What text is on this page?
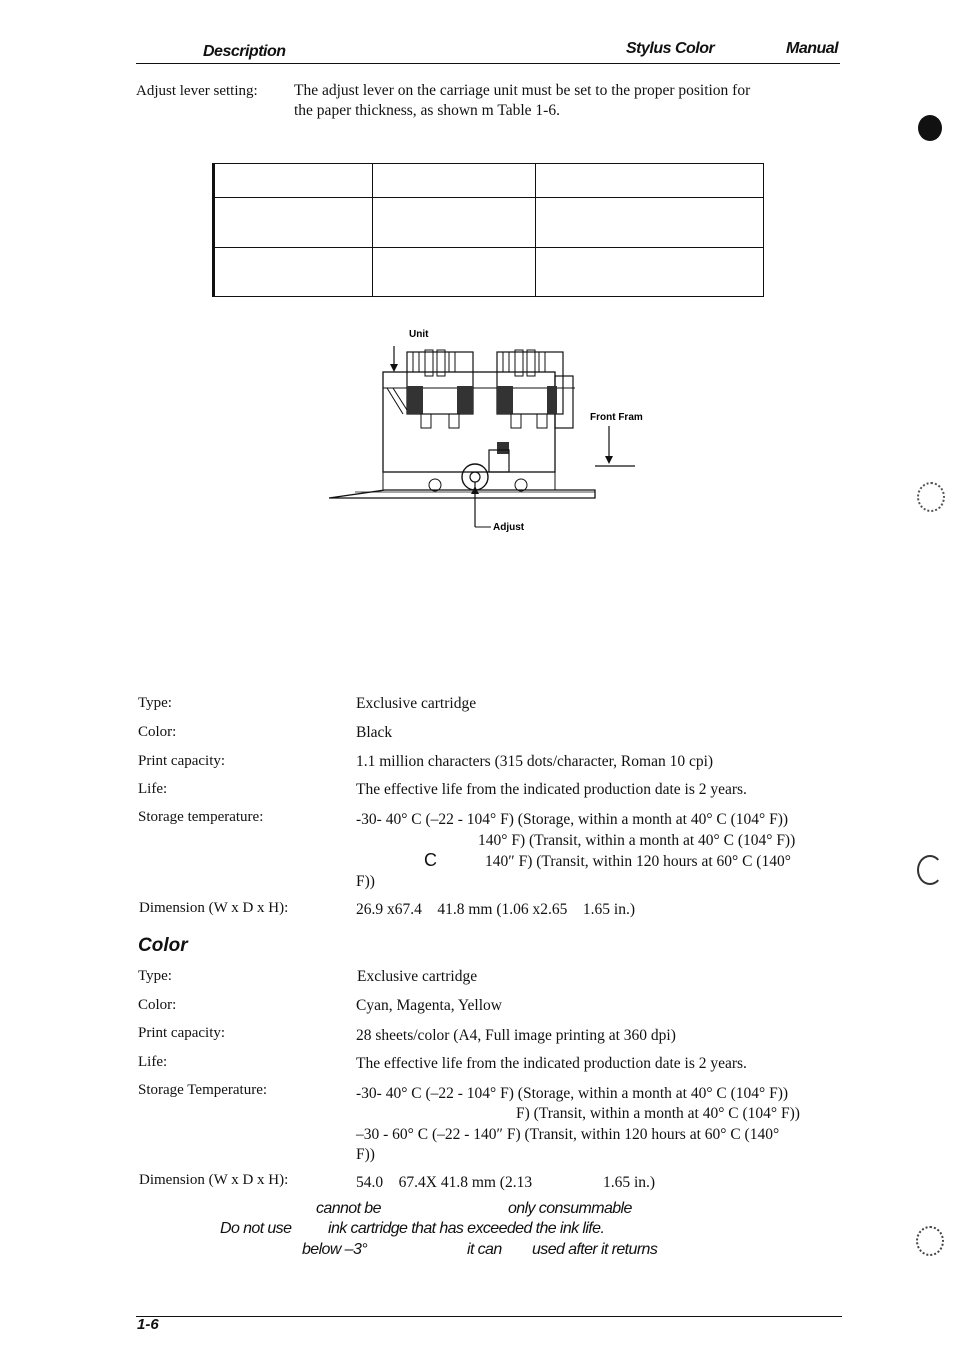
Description	Stylus Color	Manual
Adjust lever setting: The adjust lever on the carriage unit must be set to the proper position for
the paper thickness, as shown m Table 1-6.
Unit
Front Fram
Adjust
Type:	Exclusive cartridge
Color:	Black
Print capacity:	1.1 million characters (315 dots/character, Roman 10 cpi)
Life:	The effective life from the indicated production date is 2 years.
Storage temperature:	-30- 40° C (–22 - 104° F) (Storage, within a month at 40° C (104° F))
140° F) (Transit, within a month at 40° C (104° F))
C	140″ F) (Transit, within 120 hours at 60° C (140°
F))
Dimension (W x D x H):	26.9 x67.4    41.8 mm (1.06 x2.65    1.65 in.)
Color
Type:	Exclusive cartridge
Color:	Cyan, Magenta, Yellow
Print capacity:	28 sheets/color (A4, Full image printing at 360 dpi)
Life:	The effective life from the indicated production date is 2 years.
Storage Temperature:	-30- 40° C (–22 - 104° F) (Storage, within a month at 40° C (104° F))
F) (Transit, within a month at 40° C (104° F))
–30 - 60° C (–22 - 140″ F) (Transit, within 120 hours at 60° C (140°
F))
Dimension (W x D x H):	54.0    67.4X 41.8 mm (2.13	1.65 in.)
cannot be	only consummable
Do not use ink cartridge that has exceeded the ink life.
below –3°	it can used after it returns
1-6
